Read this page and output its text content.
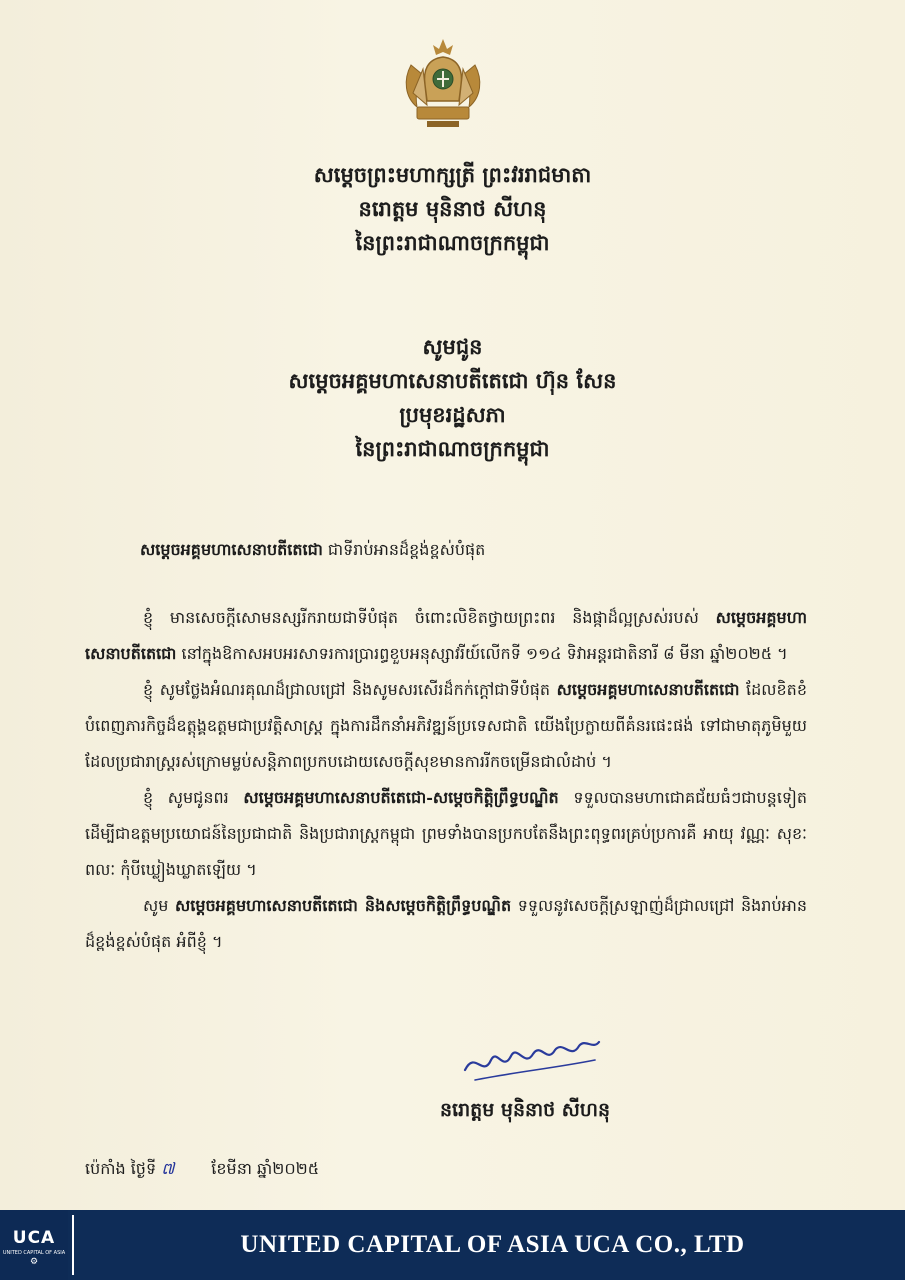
សម្តេចព្រះមហាក្សត្រី ព្រះវររាជមាតា
នរោត្តម មុនិនាថ សីហនុ
នៃព្រះរាជាណាចក្រកម្ពុជា
សូមជូន
សម្តេចអគ្គមហាសេនាបតីតេជោ ហ៊ុន សែន
ប្រមុខរដ្ឋសភា
នៃព្រះរាជាណាចក្រកម្ពុជា
សម្តេចអគ្គមហាសេនាបតីតេជោ ជាទីរាប់អានដ៏ខ្ពង់ខ្ពស់បំផុត

ខ្ញុំ មានសេចក្តីសោមនស្សរីករាយជាទីបំផុត ចំពោះលិខិតថ្វាយព្រះពរ និងផ្កាដ៏ល្អស្រស់របស់ សម្តេចអគ្គមហាសេនាបតីតេជោ នៅក្នុងឱកាសអបអរសាទរការប្រារព្ធខួបអនុស្សាវរីយ៍លើកទី ១១៤ ទិវាអន្តរជាតិនារី ៨ មីនា ឆ្នាំ២០២៥ ។

ខ្ញុំ សូមថ្លែងអំណរគុណដ៏ជ្រាលជ្រៅ និងសូមសរសើរដ៏កក់ក្តៅជាទីបំផុត សម្តេចអគ្គមហាសេនាបតីតេជោ ដែលខិតខំបំពេញភារកិច្ចដ៏ឧត្តុង្គឧត្តមជាប្រវត្តិសាស្ត្រ ក្នុងការដឹកនាំអភិវឌ្ឍន៍ប្រទេសជាតិ យើងប្រែក្លាយពីគំនរផេះផង់ ទៅជាមាតុភូមិមួយដែលប្រជារាស្ត្ររស់ក្រោមម្លប់សន្តិភាពប្រកបដោយសេចក្តីសុខមានការរីកចម្រើនជាលំដាប់ ។

ខ្ញុំ សូមជូនពរ សម្តេចអគ្គមហាសេនាបតីតេជោ-សម្តេចកិត្តិព្រឹទ្ធបណ្ឌិត ទទួលបានមហាជោគជ័យធំៗជាបន្តទៀតដើម្បីជាឧត្តមប្រយោជន៍នៃប្រជាជាតិ និងប្រជារាស្ត្រកម្ពុជា ព្រមទាំងបានប្រកបតែនឹងព្រះពុទ្ធពរគ្រប់ប្រការគឺ អាយុ វណ្ណៈ សុខៈ ពលៈ កុំបីឃ្លៀងឃ្លាតឡើយ ។

សូម សម្តេចអគ្គមហាសេនាបតីតេជោ និងសម្តេចកិត្តិព្រឹទ្ធបណ្ឌិត ទទួលនូវសេចក្តីស្រឡាញ់ដ៏ជ្រាលជ្រៅ និងរាប់អានដ៏ខ្ពង់ខ្ពស់បំផុត អំពីខ្ញុំ ។

នរោត្តម មុនិនាថ សីហនុ
ប៉េកាំង ថ្ងៃទី ៧ ខែមីនា ឆ្នាំ២០២៥
UCA
UNITED CAPITAL OF ASIA
⚙
UNITED CAPITAL OF ASIA UCA CO., LTD
